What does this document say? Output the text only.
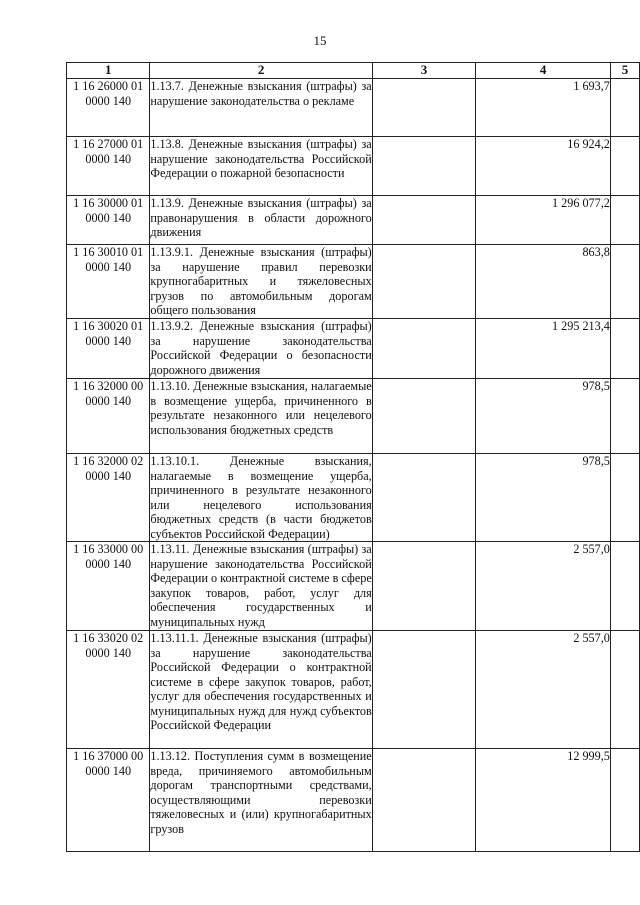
15
1	2	3	4	5
1 16 26000 01
0000 140	1.13.7. Денежные взыскания (штрафы) за нарушение законодательства о рекламе		1 693,7	

1 16 27000 01
0000 140	1.13.8. Денежные взыскания (штрафы) за нарушение законодательства Российской Федерации о пожарной безопасности		16 924,2	

1 16 30000 01
0000 140	1.13.9. Денежные взыскания (штрафы) за правонарушения в области дорожного движения		1 296 077,2	

1 16 30010 01
0000 140	1.13.9.1. Денежные взыскания (штрафы) за нарушение правил перевозки крупногабаритных и тяжеловесных грузов по автомобильным дорогам общего пользования		863,8	

1 16 30020 01
0000 140	1.13.9.2. Денежные взыскания (штрафы) за нарушение законодательства Российской Федерации о безопасности дорожного движения		1 295 213,4	

1 16 32000 00
0000 140	1.13.10. Денежные взыскания, налагаемые в возмещение ущерба, причиненного в результате незаконного или нецелевого использования бюджетных средств		978,5	

1 16 32000 02
0000 140	1.13.10.1. Денежные взыскания, налагаемые в возмещение ущерба, причиненного в результате незаконного или нецелевого использования бюджетных средств (в части бюджетов субъектов Российской Федерации)		978,5	

1 16 33000 00
0000 140	1.13.11. Денежные взыскания (штрафы) за нарушение законодательства Российской Федерации о контрактной системе в сфере закупок товаров, работ, услуг для обеспечения государственных и муниципальных нужд		2 557,0	

1 16 33020 02
0000 140	1.13.11.1. Денежные взыскания (штрафы) за нарушение законодательства Российской Федерации о контрактной системе в сфере закупок товаров, работ, услуг для обеспечения государственных и муниципальных нужд для нужд субъектов Российской Федерации		2 557,0	

1 16 37000 00
0000 140	1.13.12. Поступления сумм в возмещение вреда, причиняемого автомобильным дорогам транспортными средствами, осуществляющими перевозки тяжеловесных и (или) крупногабаритных грузов		12 999,5	
